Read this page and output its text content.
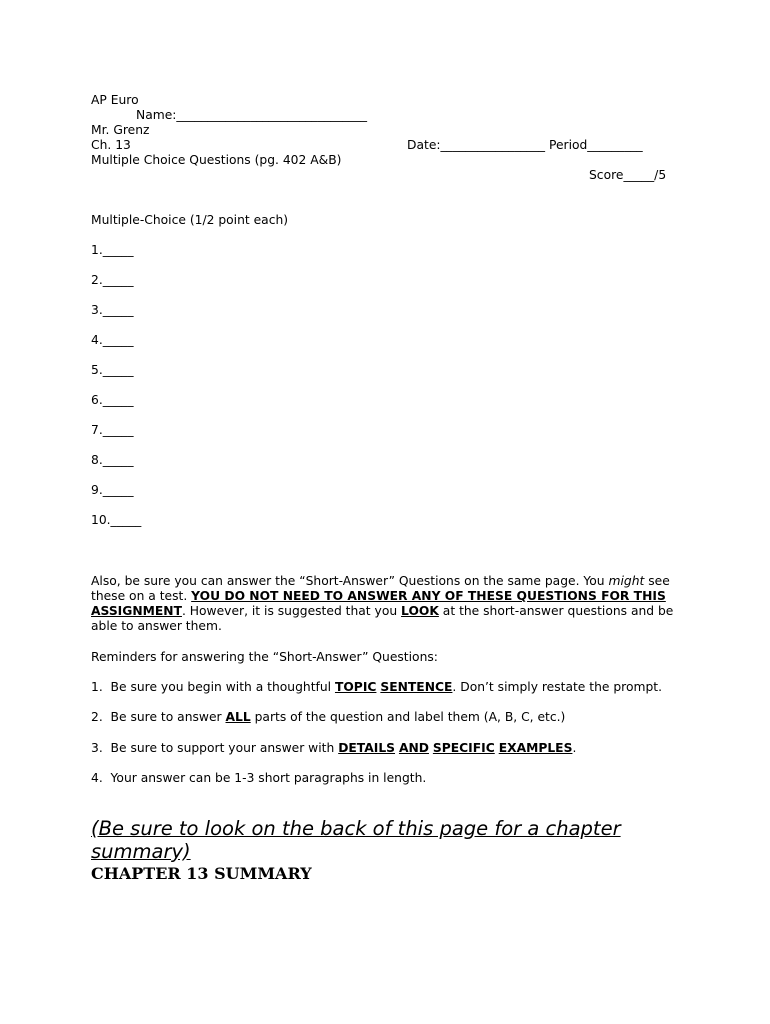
AP Euro
Name:_______________________________
Mr. Grenz
Ch. 13	Date:_________________ Period_________
Multiple Choice Questions (pg. 402 A&B)
Score_____/5
Multiple-Choice (1/2 point each)
1._____
2._____
3._____
4._____
5._____
6._____
7._____
8._____
9._____
10._____
Also, be sure you can answer the “Short-Answer” Questions on the same page. You might see these on a test. YOU DO NOT NEED TO ANSWER ANY OF THESE QUESTIONS FOR THIS ASSIGNMENT. However, it is suggested that you LOOK at the short-answer questions and be able to answer them.
Reminders for answering the “Short-Answer” Questions:
1.  Be sure you begin with a thoughtful TOPIC SENTENCE. Don’t simply restate the prompt.
2.  Be sure to answer ALL parts of the question and label them (A, B, C, etc.)
3.  Be sure to support your answer with DETAILS AND SPECIFIC EXAMPLES.
4.  Your answer can be 1-3 short paragraphs in length.
(Be sure to look on the back of this page for a chapter summary)
CHAPTER 13 SUMMARY
